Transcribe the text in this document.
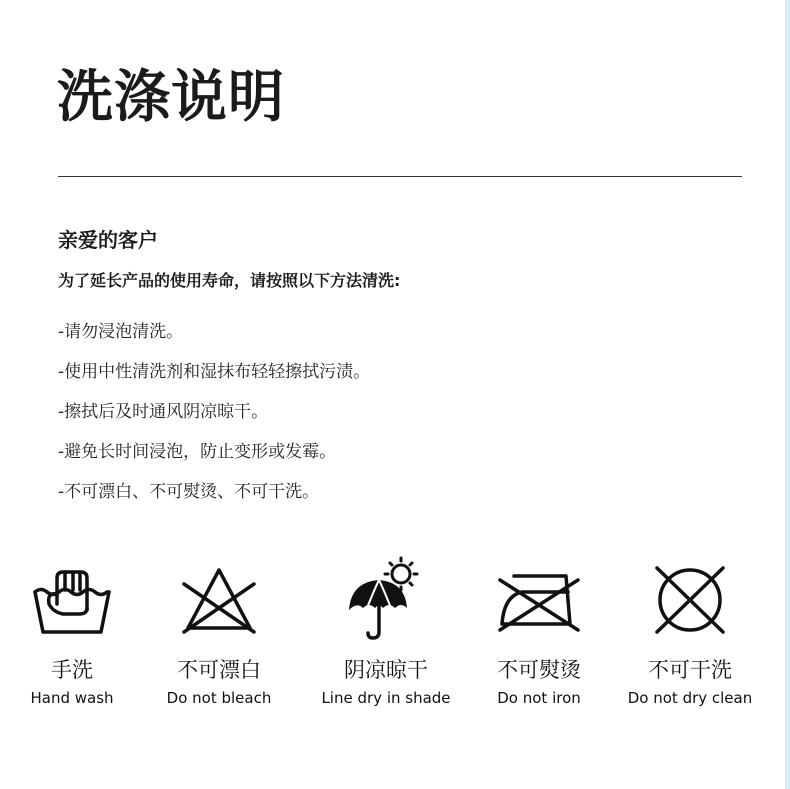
洗涤说明

亲爱的客户

为了延长产品的使用寿命，请按照以下方法清洗:

-请勿浸泡清洗。
-使用中性清洗剂和湿抹布轻轻擦拭污渍。
-擦拭后及时通风阴凉晾干。
-避免长时间浸泡，防止变形或发霉。
-不可漂白、不可熨烫、不可干洗。
手洗
Hand wash
不可漂白
Do not bleach
阴凉晾干
Line dry in shade
不可熨烫
Do not iron
不可干洗
Do not dry clean
